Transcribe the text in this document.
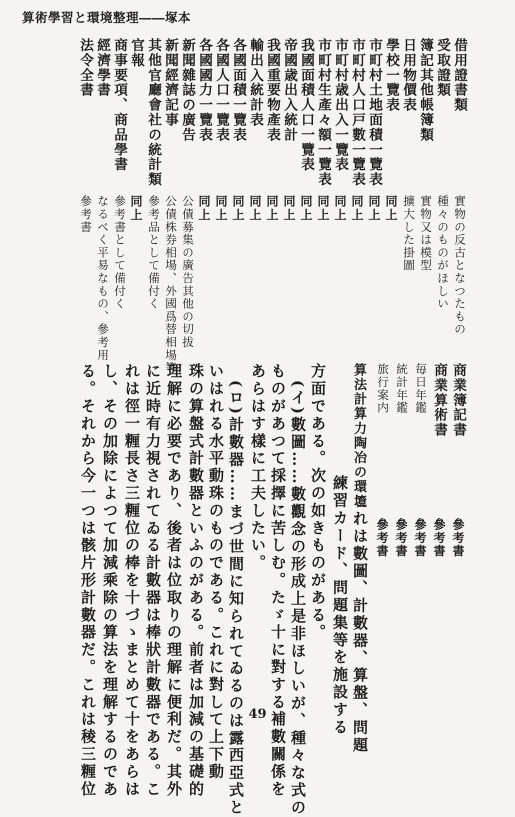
算術學習と環境整理――塚本
借用證書類
受取證類
簿記其他帳簿類
日用物價表
學校一覽表
市町村土地面積一覽表
市町村人口戸數一覽表
市町村歳出入一覽表
市町村生產々額一覽表
我國面積人口一覽表
帝國歳出入統計
我國重要物產表
輸出入統計表
各國面積一覽表
各國人口一覽表
各國國力一覽表
新聞雜誌の廣告
新聞經濟記事
其他官廳會社の統計類
官報
商事要項、商品學書
經濟學書
法令全書
實物の反古となつたもの
種々のものがほしい
實物又は模型
擴大した掛圖
同上
同上
同上
同上
同上
同上
同上
同上
同上
同上
同上
同上
公債募集の廣告其他の切拔
公債株券相場、外國爲替相場等
參考品として備付く
同上
參考書として備付く
なるべく平易なもの、參考用
參考書
商業簿記書
商業算術書
毎日年鑑
統計年鑑
旅行案内
參考書
參考書
參考書
參考書
參考書
算法計算力陶冶の環境
これは數圖、計數器、算盤、問題
練習カード、問題集等を施設する
方面である。次の如きものがある。
(イ)數圖……數觀念の形成上是非ほしいが、種々な式の
ものがあつて採擇に苦しむ。たゞ十に對する補數關係を
あらはす樣に工夫したい。
(ロ)計數器……まづ世間に知られてゐるのは露西亞式と
いはれる水平動珠のものである。これに對して上下動
珠の算盤式計數器といふのがある。前者は加減の基礎的
理解に必要であり、後者は位取りの理解に便利だ。其外
に近時有力視されてゐる計數器は棒狀計數器である。こ
れは徑一糎長さ三糎位の棒を十づゝまとめて十をあらは
し、その加除によつて加減乘除の算法を理解するのであ
る。それから今一つは骸片形計數器だ。これは稜三糎位	49
